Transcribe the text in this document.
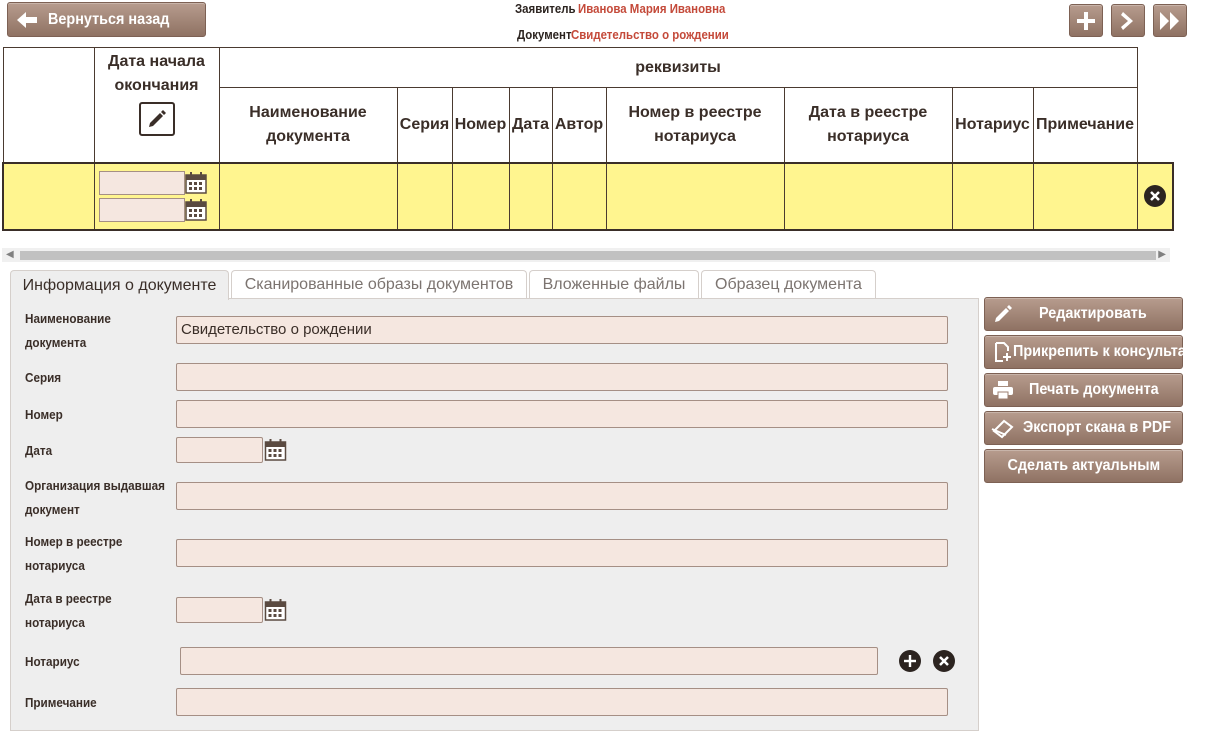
Вернуться назад
Заявитель Иванова Мария Ивановна
ДокументСвидетельство о рождении

	Дата начала окончания	реквизиты									
		Наименование документа	Серия	Номер	Дата	Автор	Номер в реестре нотариуса	Дата в реестре нотариуса	Нотариус	Примечание	

◀	▶
Информация о документе	Сканированные образы документов	Вложенные файлы	Образец документа
Наименование документа
Свидетельство о рождении
Серия
Номер
Дата
Организация выдавшая документ
Номер в реестре нотариуса
Дата в реестре нотариуса
Нотариус
Примечание
Редактировать
Прикрепить к консультации
Печать документа
Экспорт скана в PDF
Сделать актуальным
